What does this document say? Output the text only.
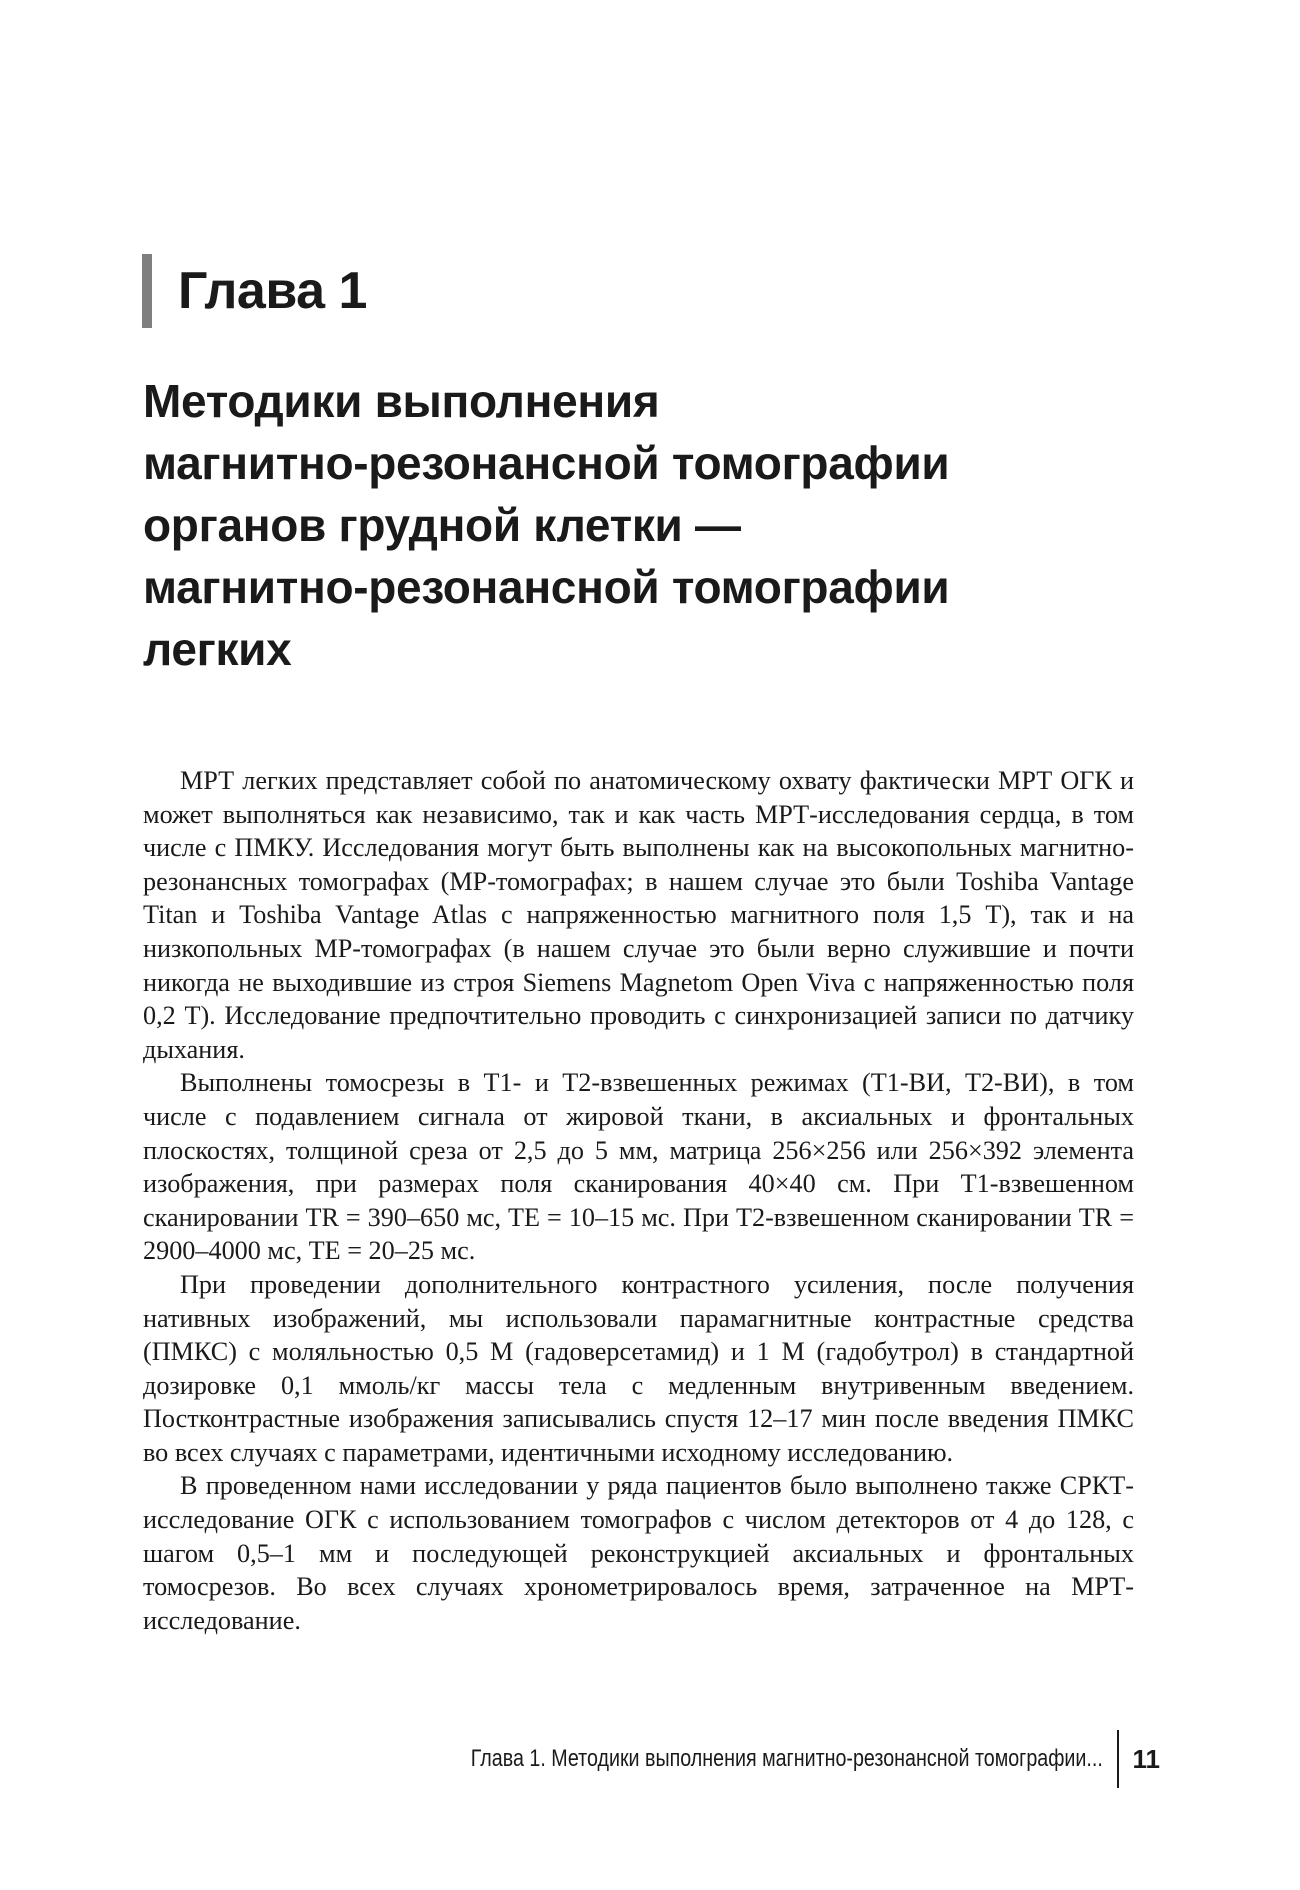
Глава 1
Методики выполнения
магнитно-резонансной томографии
органов грудной клетки —
магнитно-резонансной томографии
легких

МРТ легких представляет собой по анатомическому охвату фактически МРТ ОГК и может выполняться как независимо, так и как часть МРТ-исследования сердца, в том числе с ПМКУ. Исследования могут быть выполнены как на высокопольных магнитно-резонансных томографах (МР-томографах; в нашем случае это были Toshiba Vantage Titan и Toshiba Vantage Atlas с напряженностью магнитного поля 1,5 Т), так и на низкопольных МР-томографах (в нашем случае это были верно служившие и почти никогда не выходившие из строя Siemens Magnetom Open Viva с напряженностью поля 0,2 Т). Исследование предпочтительно проводить с синхронизацией записи по датчику дыхания.

Выполнены томосрезы в Т1- и Т2-взвешенных режимах (Т1-ВИ, Т2-ВИ), в том числе с подавлением сигнала от жировой ткани, в аксиальных и фронтальных плоскостях, толщиной среза от 2,5 до 5 мм, матрица 256×256 или 256×392 элемента изображения, при размерах поля сканирования 40×40 см. При Т1-взвешенном сканировании TR = 390–650 мс, TE = 10–15 мс. При Т2-взвешенном сканировании TR = 2900–4000 мс, TE = 20–25 мс.

При проведении дополнительного контрастного усиления, после получения нативных изображений, мы использовали парамагнитные контрастные средства (ПМКС) с моляльностью 0,5 М (гадоверсетамид) и 1 М (гадобутрол) в стандартной дозировке 0,1 ммоль/кг массы тела с медленным внутривенным введением. Постконтрастные изображения записывались спустя 12–17 мин после введения ПМКС во всех случаях с параметрами, идентичными исходному исследованию.

В проведенном нами исследовании у ряда пациентов было выполнено также СРКТ-исследование ОГК с использованием томографов с числом детекторов от 4 до 128, с шагом 0,5–1 мм и последующей реконструкцией аксиальных и фронтальных томосрезов. Во всех случаях хронометрировалось время, затраченное на МРТ-исследование.

Глава 1. Методики выполнения магнитно-резонансной томографии... 11
